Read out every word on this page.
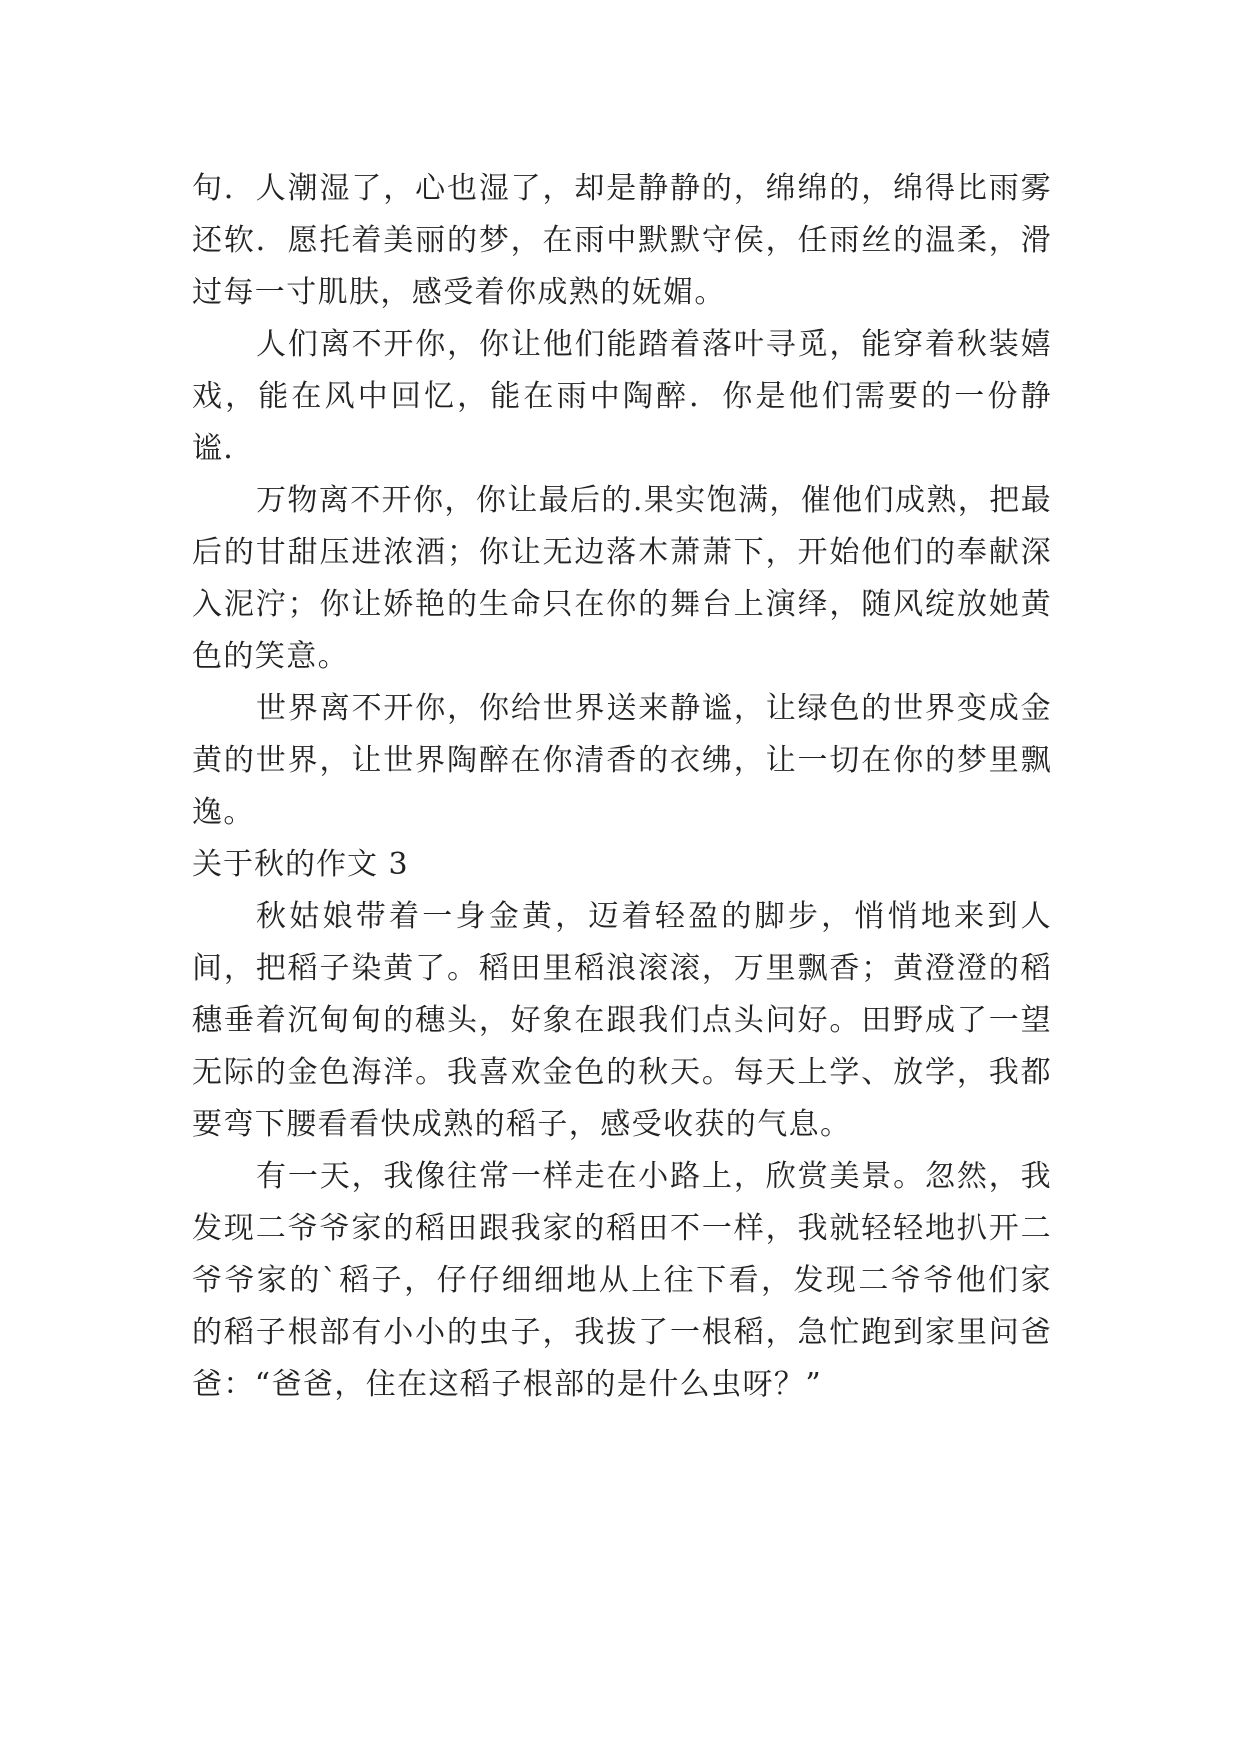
句．人潮湿了，心也湿了，却是静静的，绵绵的，绵得比雨雾还软．愿托着美丽的梦，在雨中默默守侯，任雨丝的温柔，滑过每一寸肌肤，感受着你成熟的妩媚。

人们离不开你，你让他们能踏着落叶寻觅，能穿着秋装嬉戏，能在风中回忆，能在雨中陶醉．你是他们需要的一份静谧．

万物离不开你，你让最后的.果实饱满，催他们成熟，把最后的甘甜压进浓酒；你让无边落木萧萧下，开始他们的奉献深入泥泞；你让娇艳的生命只在你的舞台上演绎，随风绽放她黄色的笑意。

世界离不开你，你给世界送来静谧，让绿色的世界变成金黄的世界，让世界陶醉在你清香的衣绋，让一切在你的梦里飘逸。

关于秋的作文 3

秋姑娘带着一身金黄，迈着轻盈的脚步，悄悄地来到人间，把稻子染黄了。稻田里稻浪滚滚，万里飘香；黄澄澄的稻穗垂着沉甸甸的穗头，好象在跟我们点头问好。田野成了一望无际的金色海洋。我喜欢金色的秋天。每天上学、放学，我都要弯下腰看看快成熟的稻子，感受收获的气息。

有一天，我像往常一样走在小路上，欣赏美景。忽然，我发现二爷爷家的稻田跟我家的稻田不一样，我就轻轻地扒开二爷爷家的`稻子，仔仔细细地从上往下看，发现二爷爷他们家的稻子根部有小小的虫子，我拔了一根稻，急忙跑到家里问爸爸：“爸爸，住在这稻子根部的是什么虫呀？”
